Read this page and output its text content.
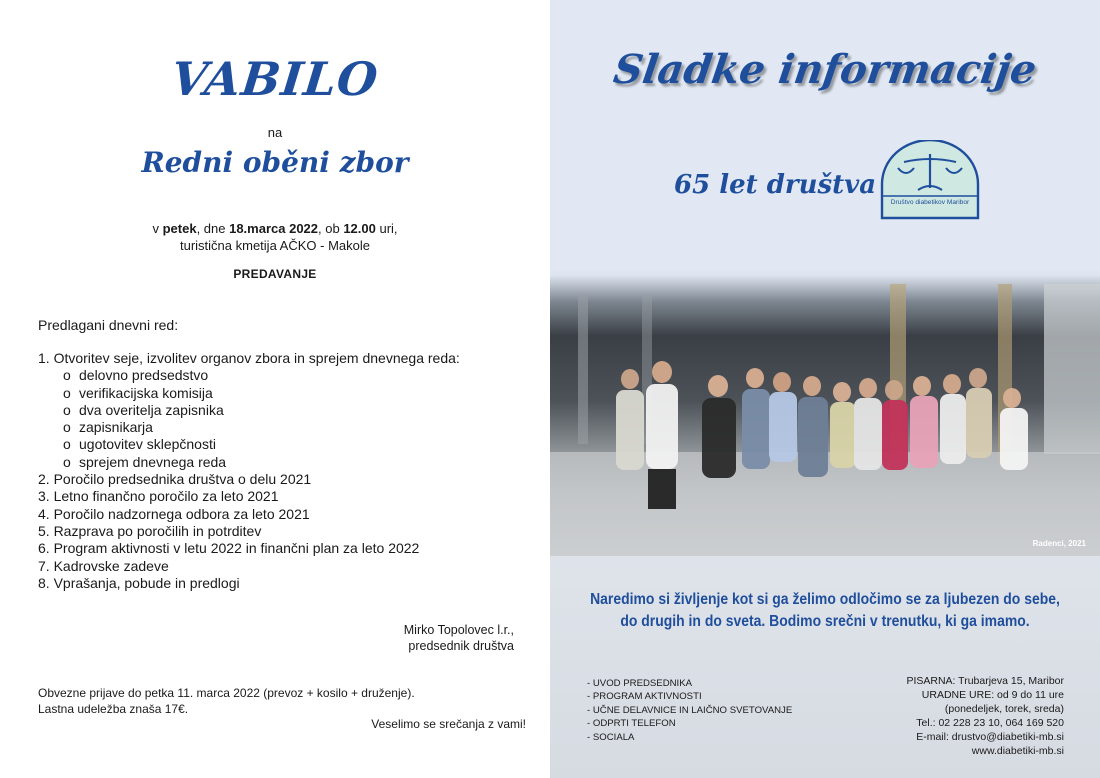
VABILO
na
Redni oběni zbor
v petek, dne 18.marca 2022, ob 12.00 uri,
turistična kmetija AČKO - Makole
PREDAVANJE
Predlagani dnevni red:
1. Otvoritev seje, izvolitev organov zbora in sprejem dnevnega reda:
o delovno predsedstvo
o verifikacijska komisija
o dva overitelja zapisnika
o zapisnikarja
o ugotovitev sklepčnosti
o sprejem dnevnega reda
2. Poročilo predsednika društva o delu 2021
3. Letno finančno poročilo za leto 2021
4. Poročilo nadzornega odbora za leto 2021
5. Razprava po poročilih in potrditev
6. Program aktivnosti v letu 2022 in finančni plan za leto 2022
7. Kadrovske zadeve
8. Vprašanja, pobude in predlogi
Mirko Topolovec l.r.,
predsednik društva
Obvezne prijave do petka 11. marca 2022 (prevoz + kosilo + druženje).
Lastna udeležba znaša 17€.
Veselimo se srečanja z vami!
Sladke informacije
65 let društva
Društvo diabetikov Maribor
Radenci, 2021
Naredimo si življenje kot si ga želimo odločimo se za ljubezen do sebe,
do drugih in do sveta. Bodimo srečni v trenutku, ki ga imamo.
- UVOD PREDSEDNIKA
- PROGRAM AKTIVNOSTI
- UČNE DELAVNICE IN LAIČNO SVETOVANJE
- ODPRTI TELEFON
- SOCIALA
PISARNA: Trubarjeva 15, Maribor
URADNE URE: od 9 do 11 ure
(ponedeljek, torek, sreda)
Tel.: 02 228 23 10, 064 169 520
E-mail: drustvo@diabetiki-mb.si
www.diabetiki-mb.si
